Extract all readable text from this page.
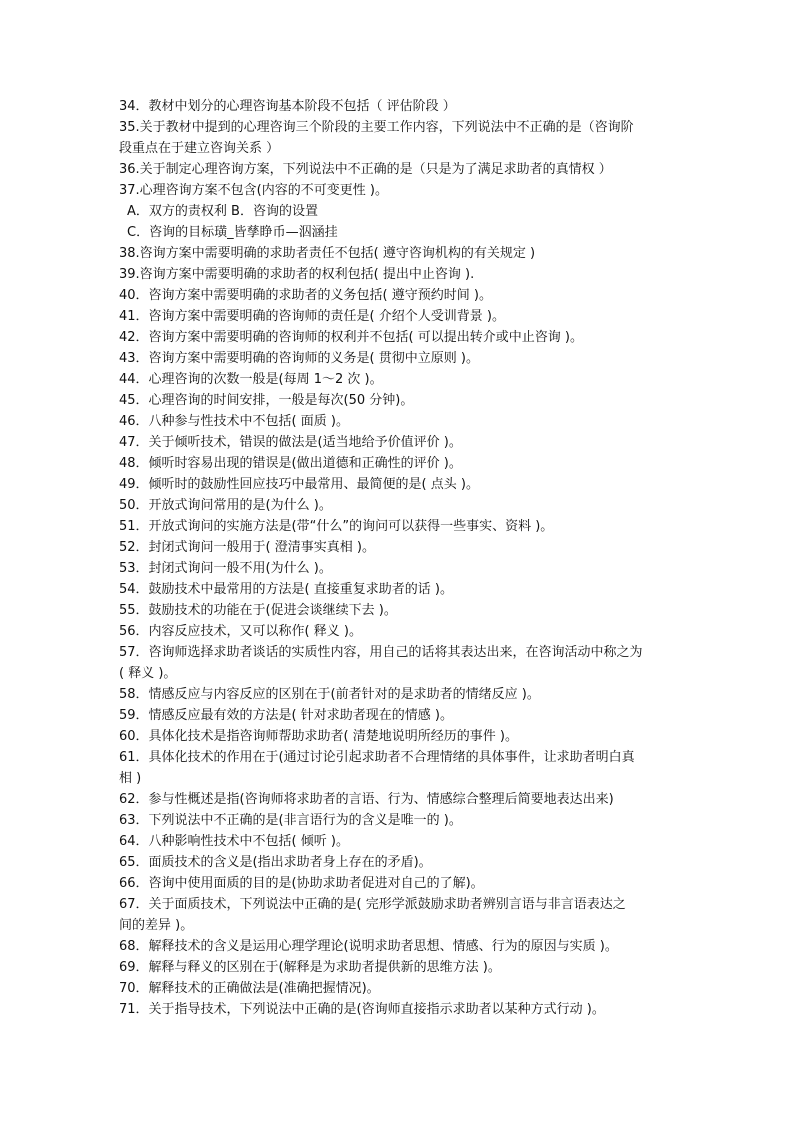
34．教材中划分的心理咨询基本阶段不包括（ 评估阶段 ）
35.关于教材中提到的心理咨询三个阶段的主要工作内容，下列说法中不正确的是（咨询阶
段重点在于建立咨询关系 ）
36.关于制定心理咨询方案，下列说法中不正确的是（只是为了满足求助者的真情权 ）
37.心理咨询方案不包含(内容的不可变更性 )。
A．双方的责权利 B．咨询的设置
C．咨询的目标璜_皆孳睁币—泅涵挂
38.咨询方案中需要明确的求助者责任不包括( 遵守咨询机构的有关规定 )
39.咨询方案中需要明确的求助者的权利包括( 提出中止咨询 ).
40．咨询方案中需要明确的求助者的义务包括( 遵守预约时间 )。
41．咨询方案中需要明确的咨询师的责任是( 介绍个人受训背景 )。
42．咨询方案中需要明确的咨询师的权利并不包括( 可以提出转介或中止咨询 )。
43．咨询方案中需要明确的咨询师的义务是( 贯彻中立原则 )。
44．心理咨询的次数一般是(每周 1～2 次 )。
45．心理咨询的时间安排，一般是每次(50 分钟)。
46．八种参与性技术中不包括( 面质 )。
47．关于倾听技术，错误的做法是(适当地给予价值评价 )。
48．倾听时容易出现的错误是(做出道德和正确性的评价 )。
49．倾听时的鼓励性回应技巧中最常用、最简便的是( 点头 )。
50．开放式询问常用的是(为什么 )。
51．开放式询问的实施方法是(带“什么”的询问可以获得一些事实、资料 )。
52．封闭式询问一般用于( 澄清事实真相 )。
53．封闭式询问一般不用(为什么 )。
54．鼓励技术中最常用的方法是( 直接重复求助者的话 )。
55．鼓励技术的功能在于(促进会谈继续下去 )。
56．内容反应技术，又可以称作( 释义 )。
57．咨询师选择求助者谈话的实质性内容，用自己的话将其表达出来，在咨询活动中称之为
( 释义 )。
58．情感反应与内容反应的区别在于(前者针对的是求助者的情绪反应 )。
59．情感反应最有效的方法是( 针对求助者现在的情感 )。
60．具体化技术是指咨询师帮助求助者( 清楚地说明所经历的事件 )。
61．具体化技术的作用在于(通过讨论引起求助者不合理情绪的具体事件，让求助者明白真
相 )
62．参与性概述是指(咨询师将求助者的言语、行为、情感综合整理后简要地表达出来)
63．下列说法中不正确的是(非言语行为的含义是唯一的 )。
64．八种影响性技术中不包括( 倾听 )。
65．面质技术的含义是(指出求助者身上存在的矛盾)。
66．咨询中使用面质的目的是(协助求助者促进对自己的了解)。
67．关于面质技术，下列说法中正确的是( 完形学派鼓励求助者辨别言语与非言语表达之
间的差异 )。
68．解释技术的含义是运用心理学理论(说明求助者思想、情感、行为的原因与实质 )。
69．解释与释义的区别在于(解释是为求助者提供新的思维方法 )。
70．解释技术的正确做法是(准确把握情况)。
71．关于指导技术，下列说法中正确的是(咨询师直接指示求助者以某种方式行动 )。
